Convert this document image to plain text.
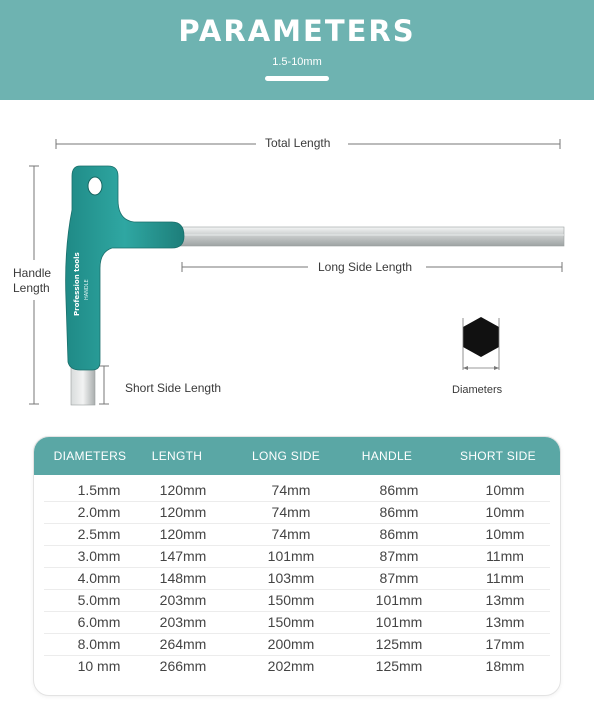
PARAMETERS
1.5-10mm
Profession tools HANDLE
Total Length
Long Side Length
Handle
Length
Short Side Length	Diameters
DIAMETERS	LENGTH	LONG SIDE	HANDLE	SHORT SIDE
1.5mm	120mm	74mm	86mm	10mm
2.0mm	120mm	74mm	86mm	10mm
2.5mm	120mm	74mm	86mm	10mm
3.0mm	147mm	101mm	87mm	11mm
4.0mm	148mm	103mm	87mm	11mm
5.0mm	203mm	150mm	101mm	13mm
6.0mm	203mm	150mm	101mm	13mm
8.0mm	264mm	200mm	125mm	17mm
10 mm	266mm	202mm	125mm	18mm
